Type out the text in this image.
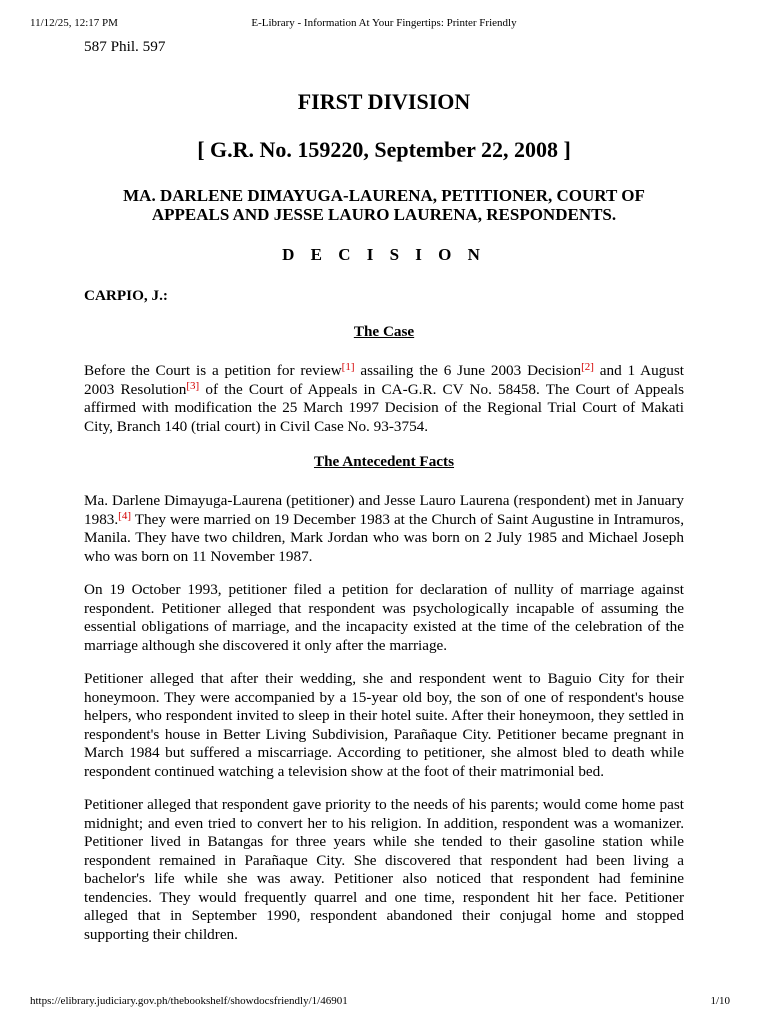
11/12/25, 12:17 PM	E-Library - Information At Your Fingertips: Printer Friendly

587 Phil. 597

FIRST DIVISION
[ G.R. No. 159220, September 22, 2008 ]
MA. DARLENE DIMAYUGA-LAURENA, PETITIONER, COURT OF APPEALS AND JESSE LAURO LAURENA, RESPONDENTS.
D E C I S I O N

CARPIO, J.:

The Case

Before the Court is a petition for review[1] assailing the 6 June 2003 Decision[2] and 1 August 2003 Resolution[3] of the Court of Appeals in CA-G.R. CV No. 58458. The Court of Appeals affirmed with modification the 25 March 1997 Decision of the Regional Trial Court of Makati City, Branch 140 (trial court) in Civil Case No. 93-3754.

The Antecedent Facts

Ma. Darlene Dimayuga-Laurena (petitioner) and Jesse Lauro Laurena (respondent) met in January 1983.[4] They were married on 19 December 1983 at the Church of Saint Augustine in Intramuros, Manila. They have two children, Mark Jordan who was born on 2 July 1985 and Michael Joseph who was born on 11 November 1987.

On 19 October 1993, petitioner filed a petition for declaration of nullity of marriage against respondent. Petitioner alleged that respondent was psychologically incapable of assuming the essential obligations of marriage, and the incapacity existed at the time of the celebration of the marriage although she discovered it only after the marriage.

Petitioner alleged that after their wedding, she and respondent went to Baguio City for their honeymoon. They were accompanied by a 15-year old boy, the son of one of respondent's house helpers, who respondent invited to sleep in their hotel suite. After their honeymoon, they settled in respondent's house in Better Living Subdivision, Parañaque City. Petitioner became pregnant in March 1984 but suffered a miscarriage. According to petitioner, she almost bled to death while respondent continued watching a television show at the foot of their matrimonial bed.

Petitioner alleged that respondent gave priority to the needs of his parents; would come home past midnight; and even tried to convert her to his religion. In addition, respondent was a womanizer. Petitioner lived in Batangas for three years while she tended to their gasoline station while respondent remained in Parañaque City. She discovered that respondent had been living a bachelor's life while she was away. Petitioner also noticed that respondent had feminine tendencies. They would frequently quarrel and one time, respondent hit her face. Petitioner alleged that in September 1990, respondent abandoned their conjugal home and stopped supporting their children.

https://elibrary.judiciary.gov.ph/thebookshelf/showdocsfriendly/1/46901	1/10
